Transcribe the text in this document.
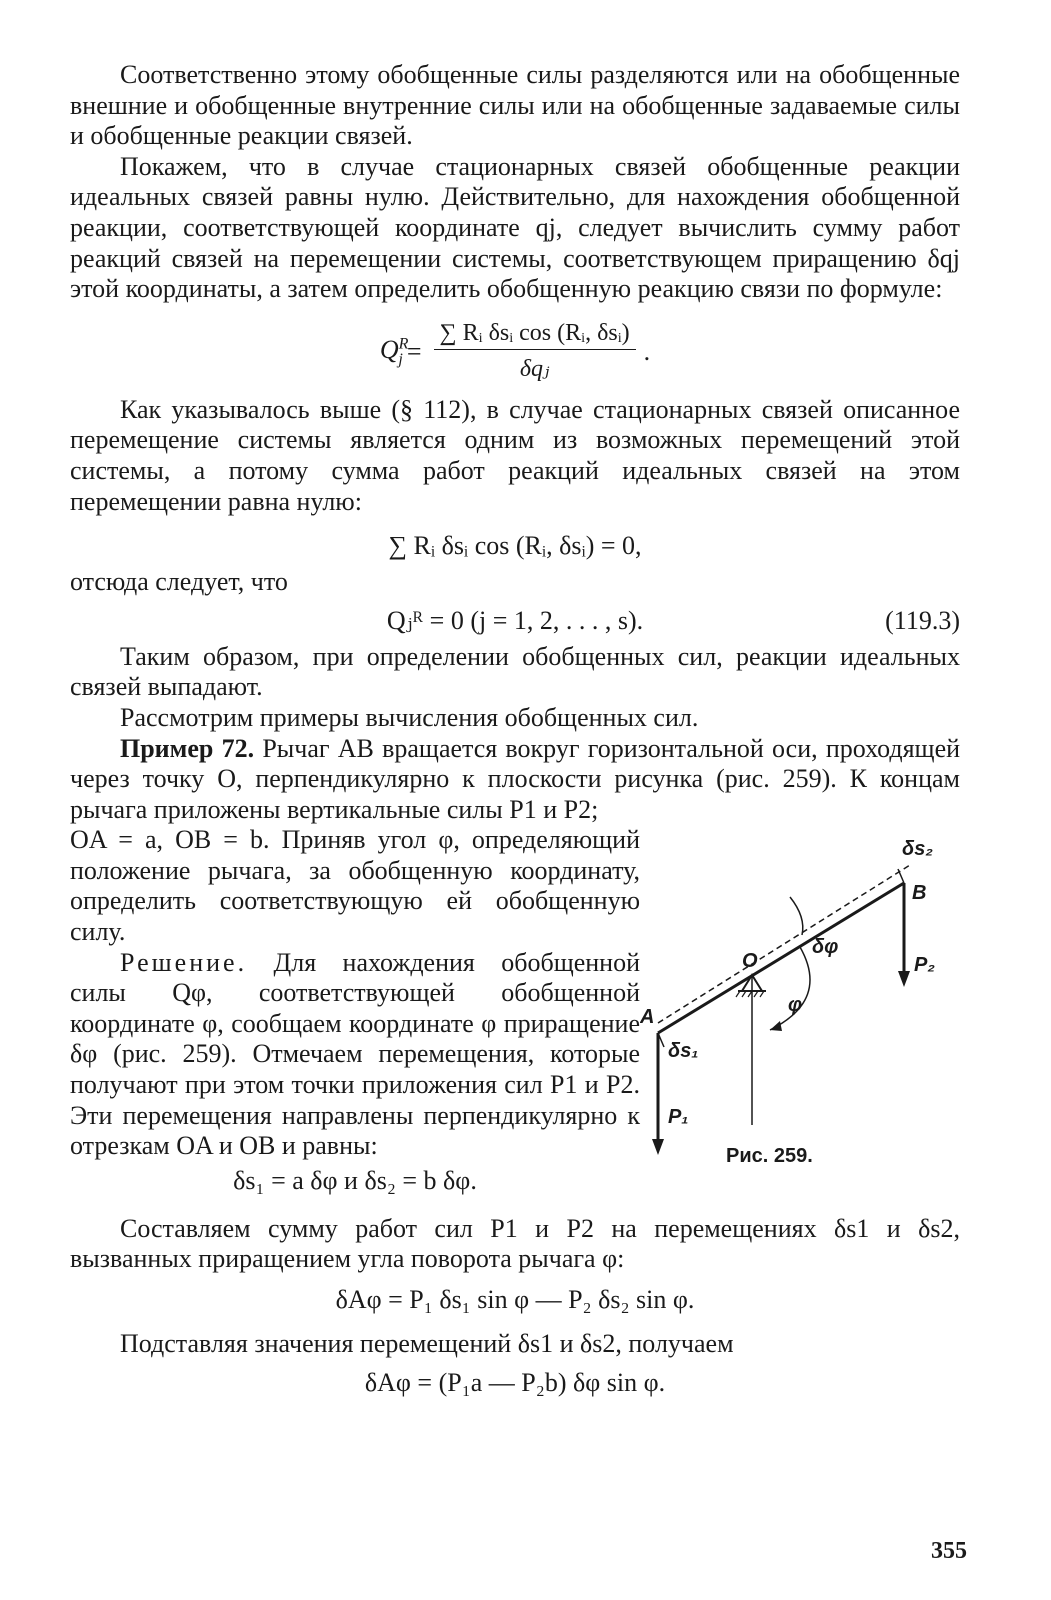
Соответственно этому обобщенные силы разделяются или на обобщенные внешние и обобщенные внутренние силы или на обобщенные задаваемые силы и обобщенные реакции связей.

Покажем, что в случае стационарных связей обобщенные реакции идеальных связей равны нулю. Действительно, для нахождения обобщенной реакции, соответствующей координате qj, следует вычислить сумму работ реакций связей на перемещении системы, соответствующем приращению δqj этой координаты, а затем определить обобщенную реакцию связи по формуле:

$Q^R_j = \frac{\text{∑ Rᵢ δsᵢ cos (Rᵢ, δsᵢ)}}{\text{δqⱼ}}$ .

Как указывалось выше (§ 112), в случае стационарных связей описанное перемещение системы является одним из возможных перемещений этой системы, а потому сумма работ реакций идеальных связей на этом перемещении равна нулю:

∑ Rᵢ δsᵢ cos (Rᵢ, δsᵢ) = 0,

отсюда следует, что

Qⱼᴿ = 0 (j = 1, 2, . . . , s).	(119.3)

Таким образом, при определении обобщенных сил, реакции идеальных связей выпадают.

Рассмотрим примеры вычисления обобщенных сил.

Пример 72. Рычаг AB вращается вокруг горизонтальной оси, проходящей через точку O, перпендикулярно к плоскости рисунка (рис. 259). К концам рычага приложены вертикальные силы P1 и P2;

OA = a, OB = b. Приняв угол φ, определяющий положение рычага, за обобщенную координату, определить соответствующую ей обобщенную силу.

Решение. Для нахождения обобщенной силы Qφ, соответствующей обобщенной координате φ, сообщаем координате φ приращение δφ (рис. 259). Отмечаем перемещения, которые получают при этом точки приложения сил P1 и P2. Эти перемещения направлены перпендикулярно к отрезкам OA и OB и равны:

δs₁ = a δφ и δs₂ = b δφ.
A
B
O
P₁
P₂
δs₁
δs₂
δφ
φ
Рис. 259.

Составляем сумму работ сил P1 и P2 на перемещениях δs1 и δs2, вызванных приращением угла поворота рычага φ:

δAφ = P₁ δs₁ sin φ — P₂ δs₂ sin φ.

Подставляя значения перемещений δs1 и δs2, получаем

δAφ = (P₁a — P₂b) δφ sin φ.
355
